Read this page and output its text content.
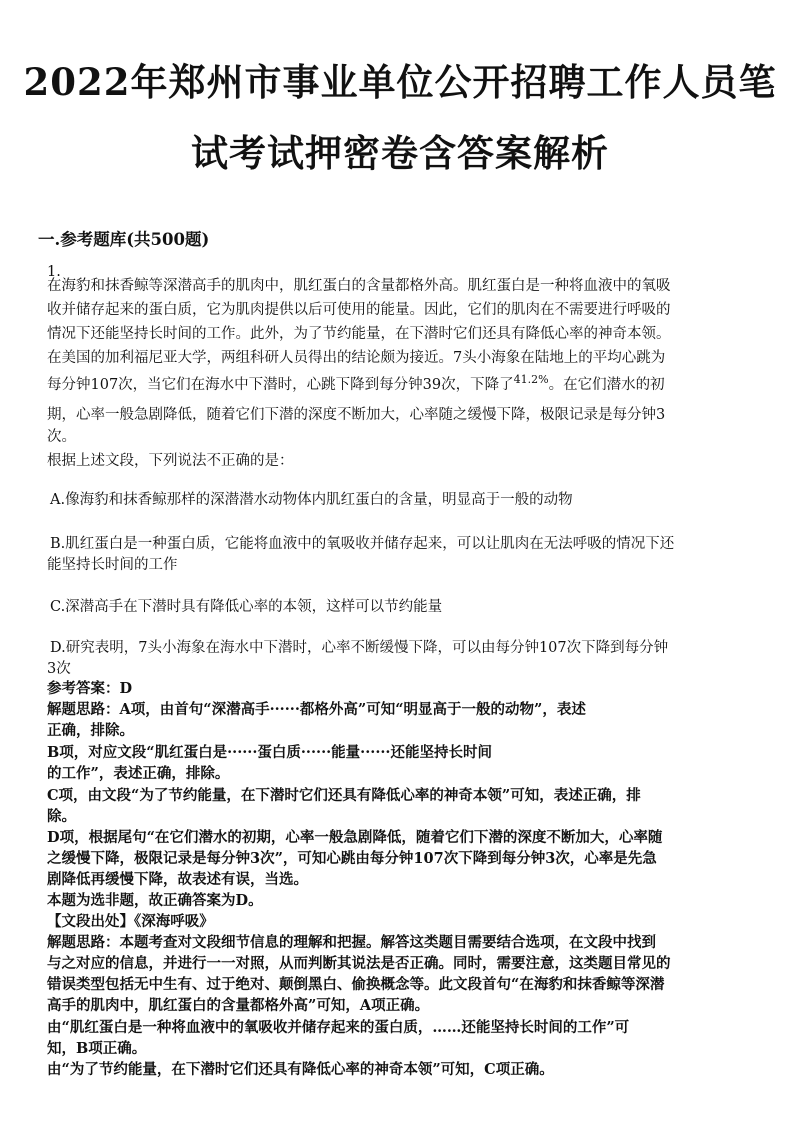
2022年郑州市事业单位公开招聘工作人员笔
试考试押密卷含答案解析
一.参考题库(共500题)
1.
在海豹和抹香鲸等深潜高手的肌肉中，肌红蛋白的含量都格外高。肌红蛋白是一种将血液中的氧吸
收并储存起来的蛋白质，它为肌肉提供以后可使用的能量。因此，它们的肌肉在不需要进行呼吸的
情况下还能坚持长时间的工作。此外，为了节约能量，在下潜时它们还具有降低心率的神奇本领。
在美国的加利福尼亚大学，两组科研人员得出的结论颇为接近。7头小海象在陆地上的平均心跳为
每分钟107次，当它们在海水中下潜时，心跳下降到每分钟39次，下降了$^{41.2\%}$。在它们潜水的初
期，心率一般急剧降低，随着它们下潜的深度不断加大，心率随之缓慢下降，极限记录是每分钟3
次。
根据上述文段，下列说法不正确的是：
A.像海豹和抹香鲸那样的深潜潜水动物体内肌红蛋白的含量，明显高于一般的动物
B.肌红蛋白是一种蛋白质，它能将血液中的氧吸收并储存起来，可以让肌肉在无法呼吸的情况下还
能坚持长时间的工作
C.深潜高手在下潜时具有降低心率的本领，这样可以节约能量
D.研究表明，7头小海象在海水中下潜时，心率不断缓慢下降，可以由每分钟107次下降到每分钟
3次
参考答案：D
解题思路：A项，由首句“深潜高手······都格外高”可知“明显高于一般的动物”，表述
正确，排除。
B项，对应文段“肌红蛋白是······蛋白质······能量······还能坚持长时间
的工作”，表述正确，排除。
C项，由文段“为了节约能量，在下潜时它们还具有降低心率的神奇本领”可知，表述正确，排
除。
D项，根据尾句“在它们潜水的初期，心率一般急剧降低，随着它们下潜的深度不断加大，心率随
之缓慢下降，极限记录是每分钟3次”，可知心跳由每分钟107次下降到每分钟3次，心率是先急
剧降低再缓慢下降，故表述有误，当选。
本题为选非题，故正确答案为D。
【文段出处】《深海呼吸》
解题思路：本题考查对文段细节信息的理解和把握。解答这类题目需要结合选项，在文段中找到
与之对应的信息，并进行一一对照，从而判断其说法是否正确。同时，需要注意，这类题目常见的
错误类型包括无中生有、过于绝对、颠倒黑白、偷换概念等。此文段首句“在海豹和抹香鲸等深潜
高手的肌肉中，肌红蛋白的含量都格外高”可知，A项正确。
由“肌红蛋白是一种将血液中的氧吸收并储存起来的蛋白质，……还能坚持长时间的工作”可
知，B项正确。
由“为了节约能量，在下潜时它们还具有降低心率的神奇本领”可知，C项正确。
